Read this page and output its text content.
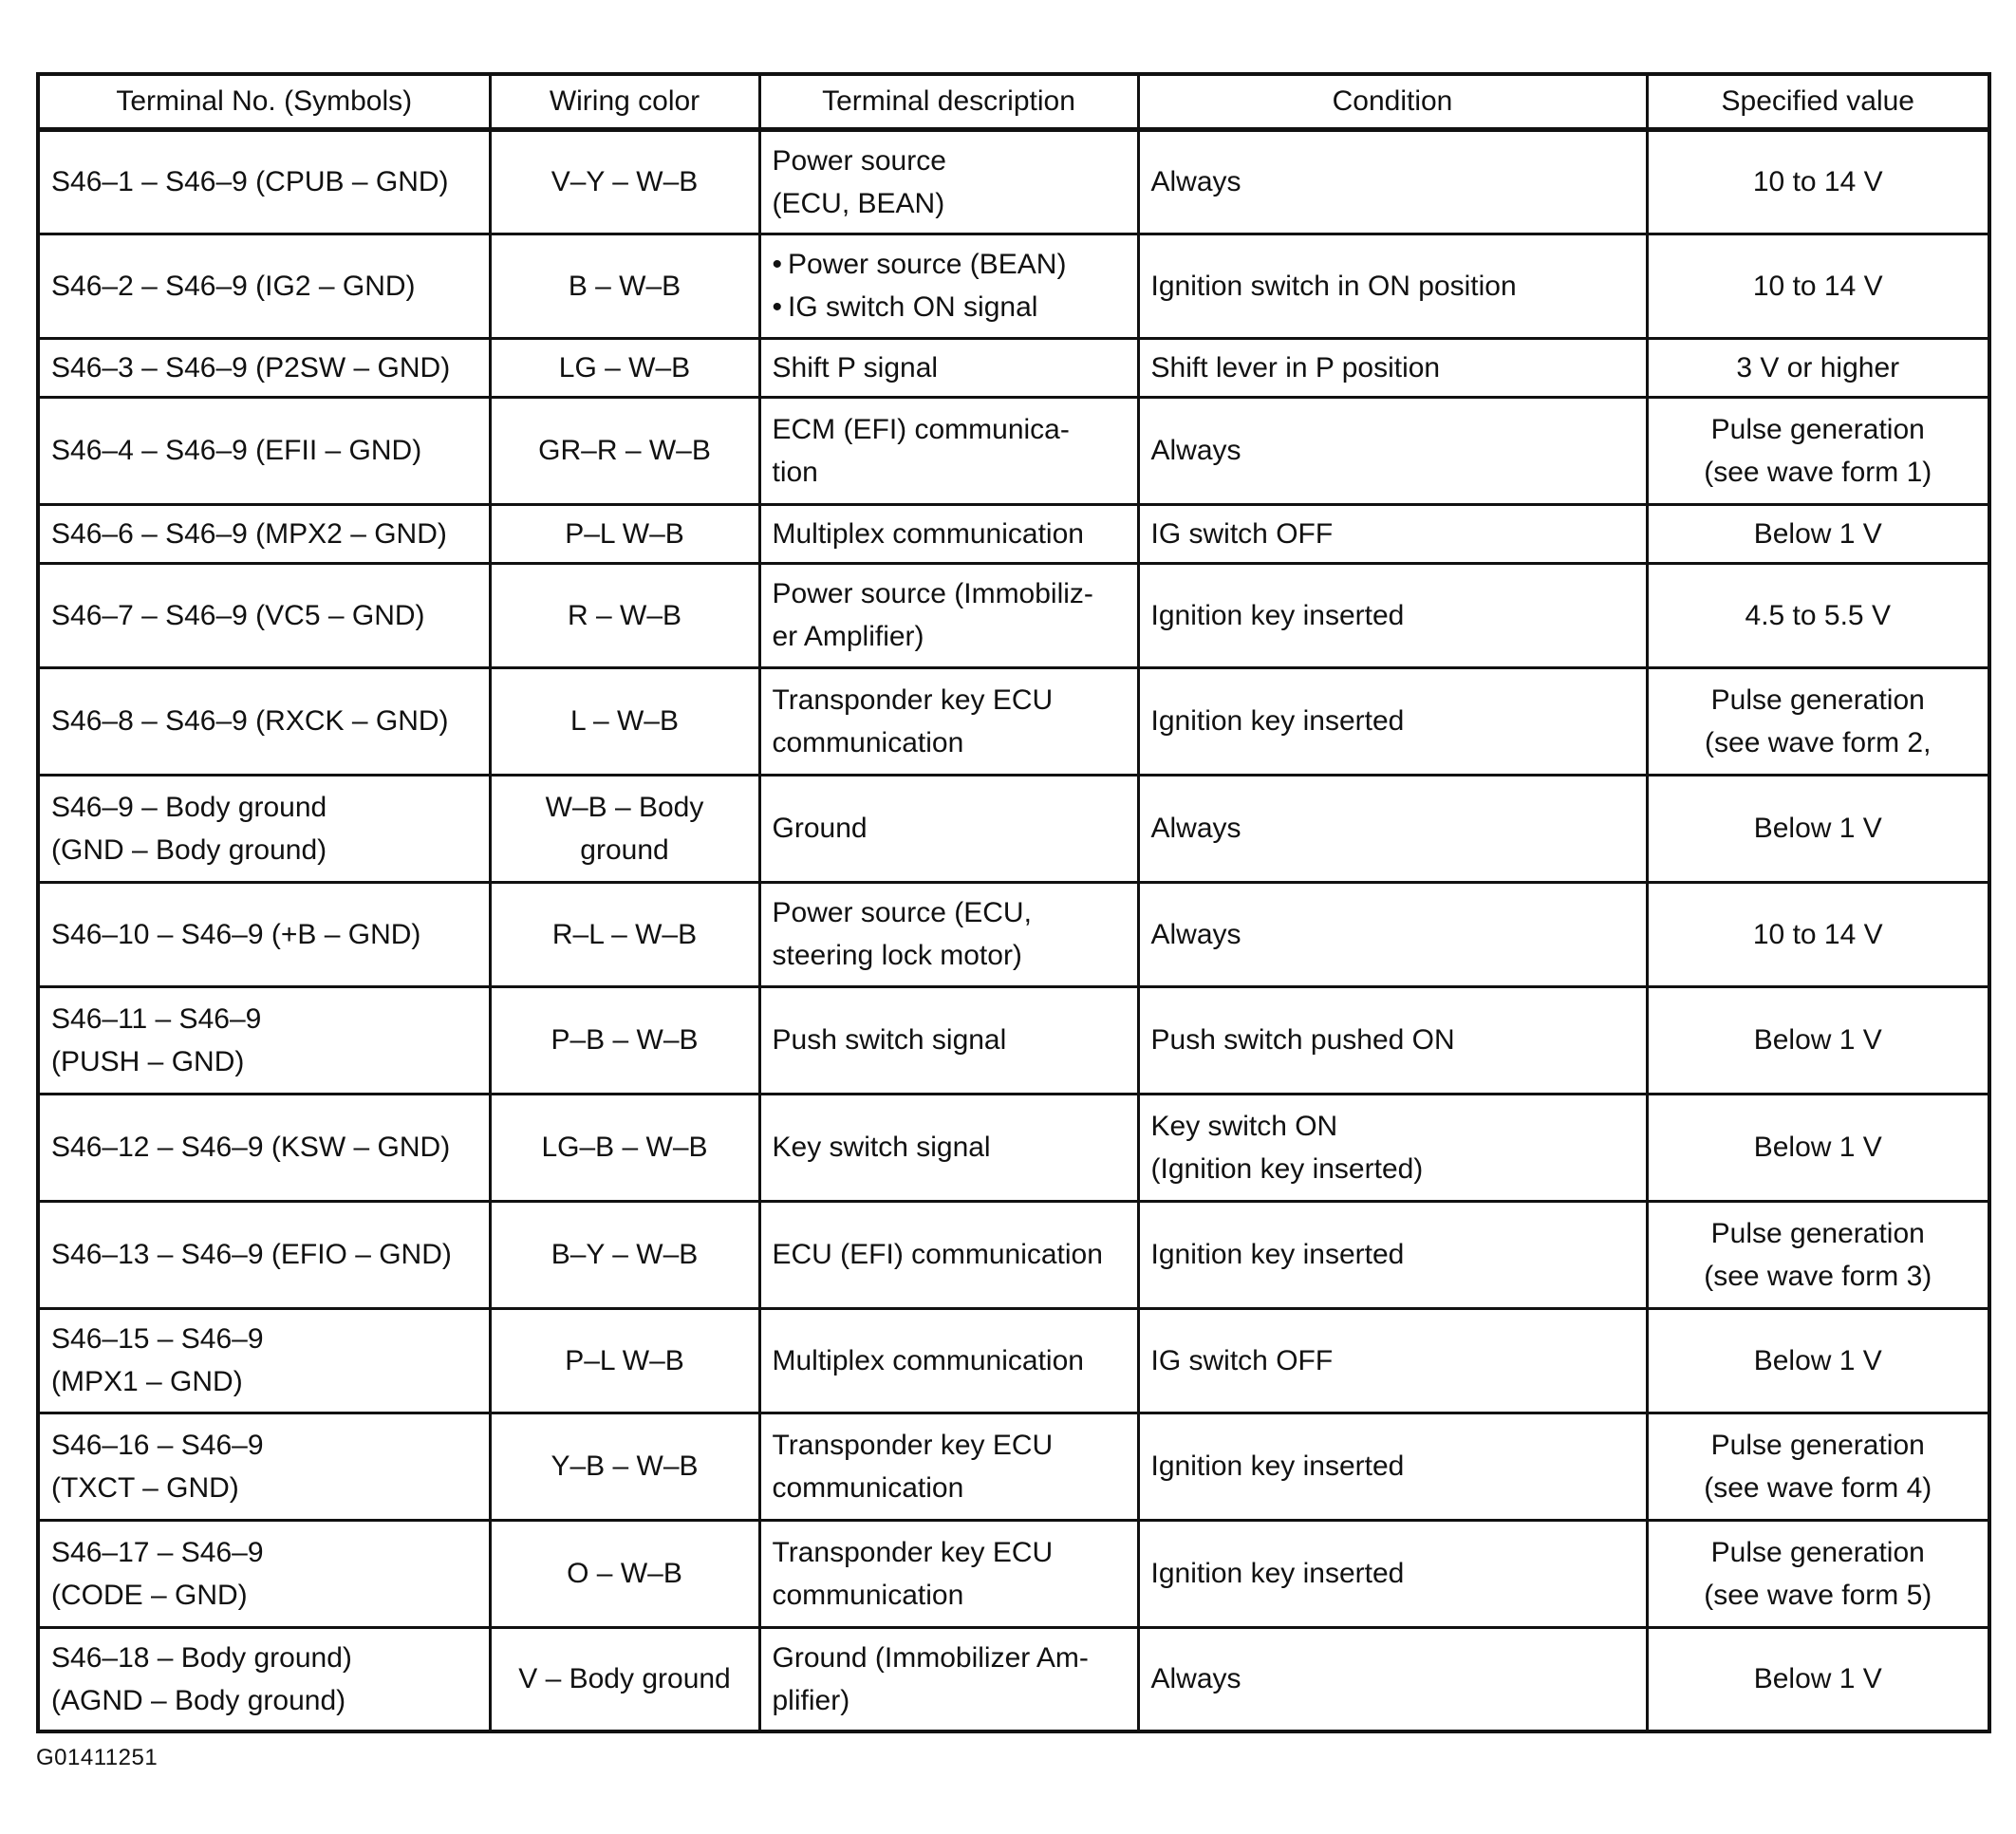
Terminal No. (Symbols)	Wiring color	Terminal description	Condition	Specified value

S46–1 – S46–9 (CPUB – GND)	V–Y – W–B	Power source
(ECU, BEAN)	Always	10 to 14 V

S46–2 – S46–9 (IG2 – GND)	B – W–B	• Power source (BEAN)
• IG switch ON signal	Ignition switch in ON position	10 to 14 V

S46–3 – S46–9 (P2SW – GND)	LG – W–B	Shift P signal	Shift lever in P position	3 V or higher

S46–4 – S46–9 (EFII – GND)	GR–R – W–B	ECM (EFI) communica-
tion	Always	Pulse generation
(see wave form 1)

S46–6 – S46–9 (MPX2 – GND)	P–L W–B	Multiplex communication	IG switch OFF	Below 1 V

S46–7 – S46–9 (VC5 – GND)	R – W–B	Power source (Immobiliz-
er Amplifier)	Ignition key inserted	4.5 to 5.5 V

S46–8 – S46–9 (RXCK – GND)	L – W–B	Transponder key ECU
communication	Ignition key inserted	Pulse generation
(see wave form 2,

S46–9 – Body ground
(GND – Body ground)	W–B – Body
ground	Ground	Always	Below 1 V

S46–10 – S46–9 (+B – GND)	R–L – W–B	Power source (ECU,
steering lock motor)	Always	10 to 14 V

S46–11 – S46–9
(PUSH – GND)	P–B – W–B	Push switch signal	Push switch pushed ON	Below 1 V

S46–12 – S46–9 (KSW – GND)	LG–B – W–B	Key switch signal	Key switch ON
(Ignition key inserted)	Below 1 V

S46–13 – S46–9 (EFIO – GND)	B–Y – W–B	ECU (EFI) communication	Ignition key inserted	Pulse generation
(see wave form 3)

S46–15 – S46–9
(MPX1 – GND)	P–L W–B	Multiplex communication	IG switch OFF	Below 1 V

S46–16 – S46–9
(TXCT – GND)	Y–B – W–B	Transponder key ECU
communication	Ignition key inserted	Pulse generation
(see wave form 4)

S46–17 – S46–9
(CODE – GND)	O – W–B	Transponder key ECU
communication	Ignition key inserted	Pulse generation
(see wave form 5)

S46–18 – Body ground)
(AGND – Body ground)	V – Body ground	Ground (Immobilizer Am-
plifier)	Always	Below 1 V
G01411251
